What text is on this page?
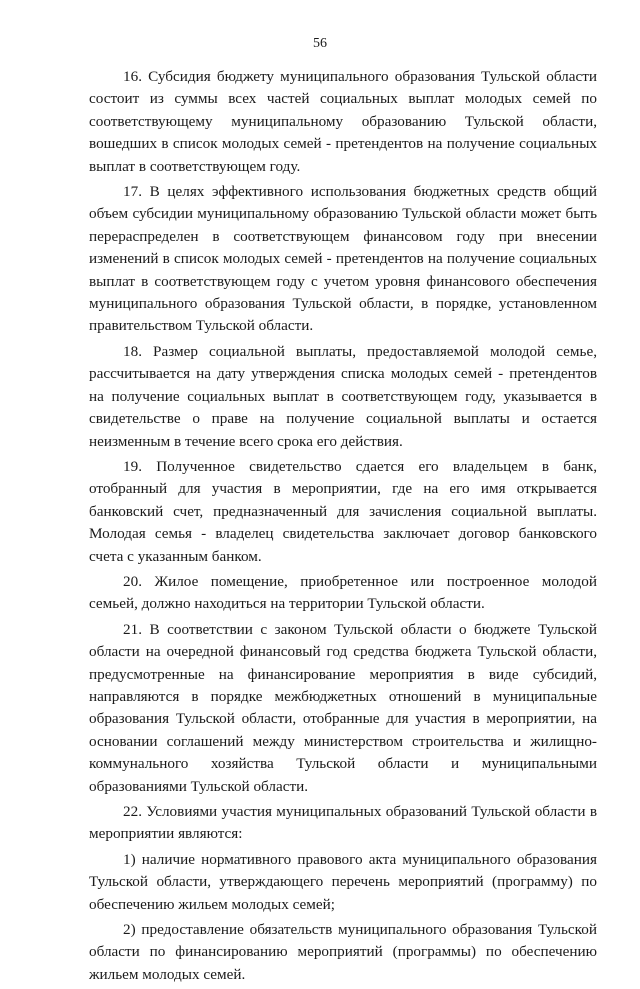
56

16. Субсидия бюджету муниципального образования Тульской области состоит из суммы всех частей социальных выплат молодых семей по соответствующему муниципальному образованию Тульской области, вошедших в список молодых семей - претендентов на получение социальных выплат в соответствующем году.

17. В целях эффективного использования бюджетных средств общий объем субсидии муниципальному образованию Тульской области может быть перераспределен в соответствующем финансовом году при внесении изменений в список молодых семей - претендентов на получение социальных выплат в соответствующем году с учетом уровня финансового обеспечения муниципального образования Тульской области, в порядке, установленном правительством Тульской области.

18. Размер социальной выплаты, предоставляемой молодой семье, рассчитывается на дату утверждения списка молодых семей - претендентов на получение социальных выплат в соответствующем году, указывается в свидетельстве о праве на получение социальной выплаты и остается неизменным в течение всего срока его действия.

19. Полученное свидетельство сдается его владельцем в банк, отобранный для участия в мероприятии, где на его имя открывается банковский счет, предназначенный для зачисления социальной выплаты. Молодая семья - владелец свидетельства заключает договор банковского счета с указанным банком.

20. Жилое помещение, приобретенное или построенное молодой семьей, должно находиться на территории Тульской области.

21. В соответствии с законом Тульской области о бюджете Тульской области на очередной финансовый год средства бюджета Тульской области, предусмотренные на финансирование мероприятия в виде субсидий, направляются в порядке межбюджетных отношений в муниципальные образования Тульской области, отобранные для участия в мероприятии, на основании соглашений между министерством строительства и жилищно-коммунального хозяйства Тульской области и муниципальными образованиями Тульской области.

22. Условиями участия муниципальных образований Тульской области в мероприятии являются:

1) наличие нормативного правового акта муниципального образования Тульской области, утверждающего перечень мероприятий (программу) по обеспечению жильем молодых семей;

2) предоставление обязательств муниципального образования Тульской области по финансированию мероприятий (программы) по обеспечению жильем молодых семей.
